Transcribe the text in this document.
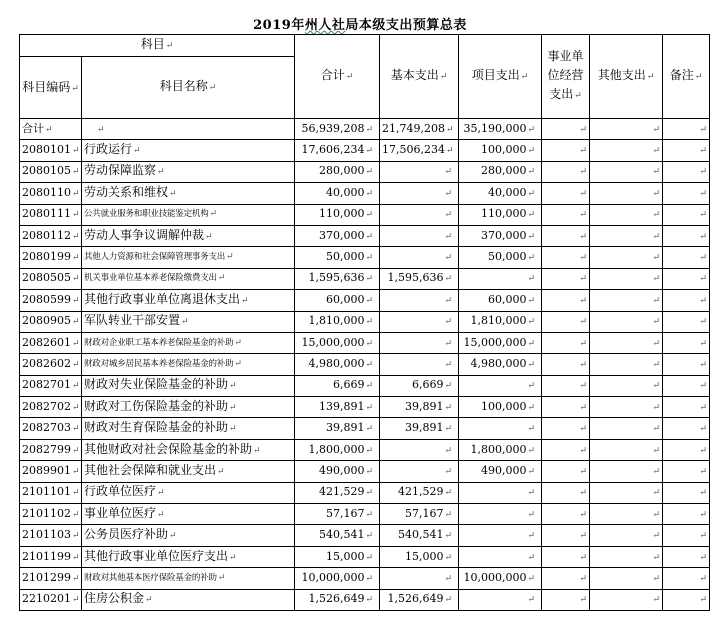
2019年州人社局本级支出预算总表
科目↵		合计↵	基本支出↵	项目支出↵	事业单位经营支出↵	其他支出↵	备注↵
科目编码↵	科目名称↵						
合计↵	↵	56,939,208↵	21,749,208↵	35,190,000↵	↵	↵	↵
2080101↵	行政运行↵	17,606,234↵	17,506,234↵	100,000↵	↵	↵	↵
2080105↵	劳动保障监察↵	280,000↵	↵	280,000↵	↵	↵	↵
2080110↵	劳动关系和维权↵	40,000↵	↵	40,000↵	↵	↵	↵
2080111↵	公共就业服务和职业技能鉴定机构↵	110,000↵	↵	110,000↵	↵	↵	↵
2080112↵	劳动人事争议调解仲裁↵	370,000↵	↵	370,000↵	↵	↵	↵
2080199↵	其他人力资源和社会保障管理事务支出↵	50,000↵	↵	50,000↵	↵	↵	↵
2080505↵	机关事业单位基本养老保险缴费支出↵	1,595,636↵	1,595,636↵	↵	↵	↵	↵
2080599↵	其他行政事业单位离退休支出↵	60,000↵	↵	60,000↵	↵	↵	↵
2080905↵	军队转业干部安置↵	1,810,000↵	↵	1,810,000↵	↵	↵	↵
2082601↵	财政对企业职工基本养老保险基金的补助↵	15,000,000↵	↵	15,000,000↵	↵	↵	↵
2082602↵	财政对城乡居民基本养老保险基金的补助↵	4,980,000↵	↵	4,980,000↵	↵	↵	↵
2082701↵	财政对失业保险基金的补助↵	6,669↵	6,669↵	↵	↵	↵	↵
2082702↵	财政对工伤保险基金的补助↵	139,891↵	39,891↵	100,000↵	↵	↵	↵
2082703↵	财政对生育保险基金的补助↵	39,891↵	39,891↵	↵	↵	↵	↵
2082799↵	其他财政对社会保险基金的补助↵	1,800,000↵	↵	1,800,000↵	↵	↵	↵
2089901↵	其他社会保障和就业支出↵	490,000↵	↵	490,000↵	↵	↵	↵
2101101↵	行政单位医疗↵	421,529↵	421,529↵	↵	↵	↵	↵
2101102↵	事业单位医疗↵	57,167↵	57,167↵	↵	↵	↵	↵
2101103↵	公务员医疗补助↵	540,541↵	540,541↵	↵	↵	↵	↵
2101199↵	其他行政事业单位医疗支出↵	15,000↵	15,000↵	↵	↵	↵	↵
2101299↵	财政对其他基本医疗保险基金的补助↵	10,000,000↵	↵	10,000,000↵	↵	↵	↵
2210201↵	住房公积金↵	1,526,649↵	1,526,649↵	↵	↵	↵	↵
